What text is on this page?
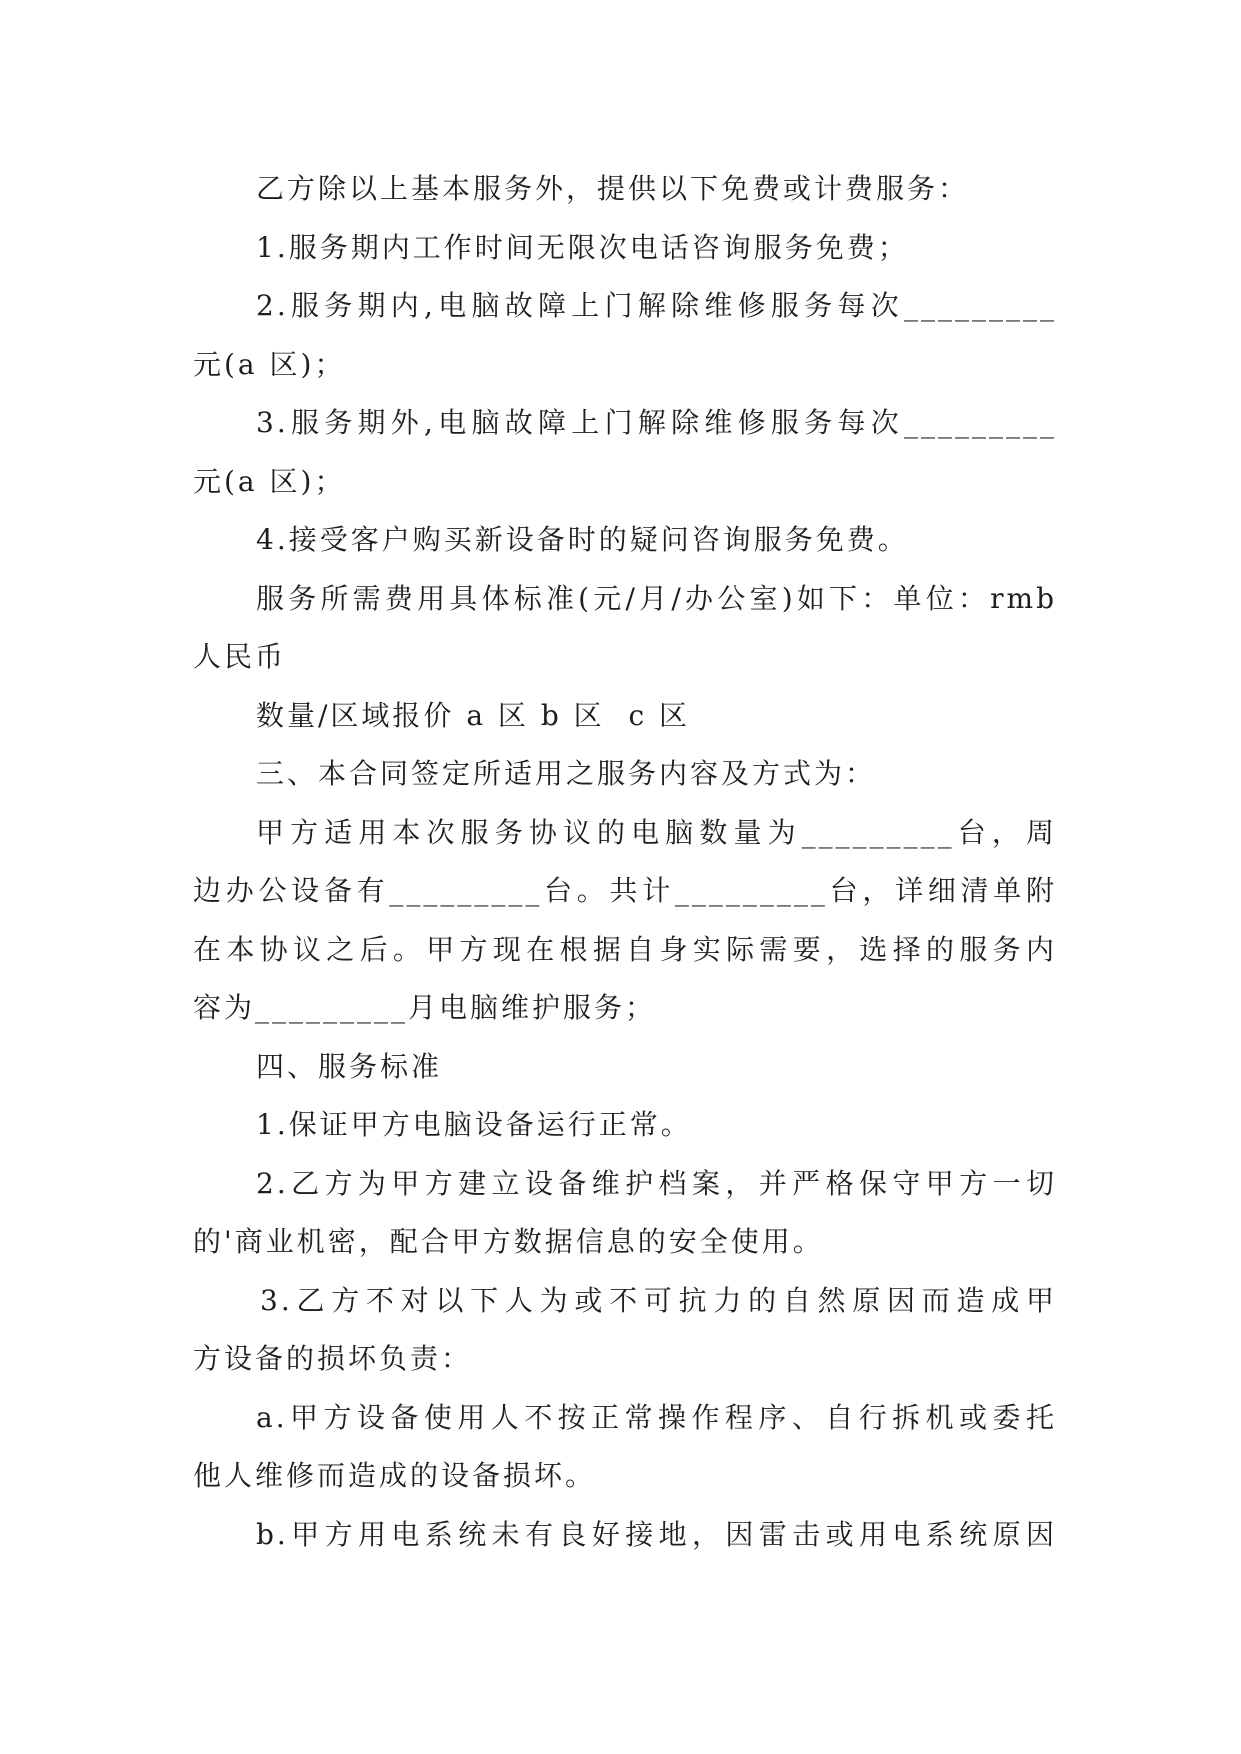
乙方除以上基本服务外，提供以下免费或计费服务：
1.服务期内工作时间无限次电话咨询服务免费；
2.服务期内,电脑故障上门解除维修服务每次_________
元(a 区)；
3.服务期外,电脑故障上门解除维修服务每次_________
元(a 区)；
4.接受客户购买新设备时的疑问咨询服务免费。
服务所需费用具体标准(元/月/办公室)如下：单位：rmb
人民币
数量/区域报价 a 区 b 区  c 区
三、本合同签定所适用之服务内容及方式为：
甲方适用本次服务协议的电脑数量为_________台，周
边办公设备有_________台。共计_________台，详细清单附
在本协议之后。甲方现在根据自身实际需要，选择的服务内
容为_________月电脑维护服务；
四、服务标准
1.保证甲方电脑设备运行正常。
2.乙方为甲方建立设备维护档案，并严格保守甲方一切
的'商业机密，配合甲方数据信息的安全使用。
3.乙方不对以下人为或不可抗力的自然原因而造成甲
方设备的损坏负责：
a.甲方设备使用人不按正常操作程序、自行拆机或委托
他人维修而造成的设备损坏。
b.甲方用电系统未有良好接地，因雷击或用电系统原因
